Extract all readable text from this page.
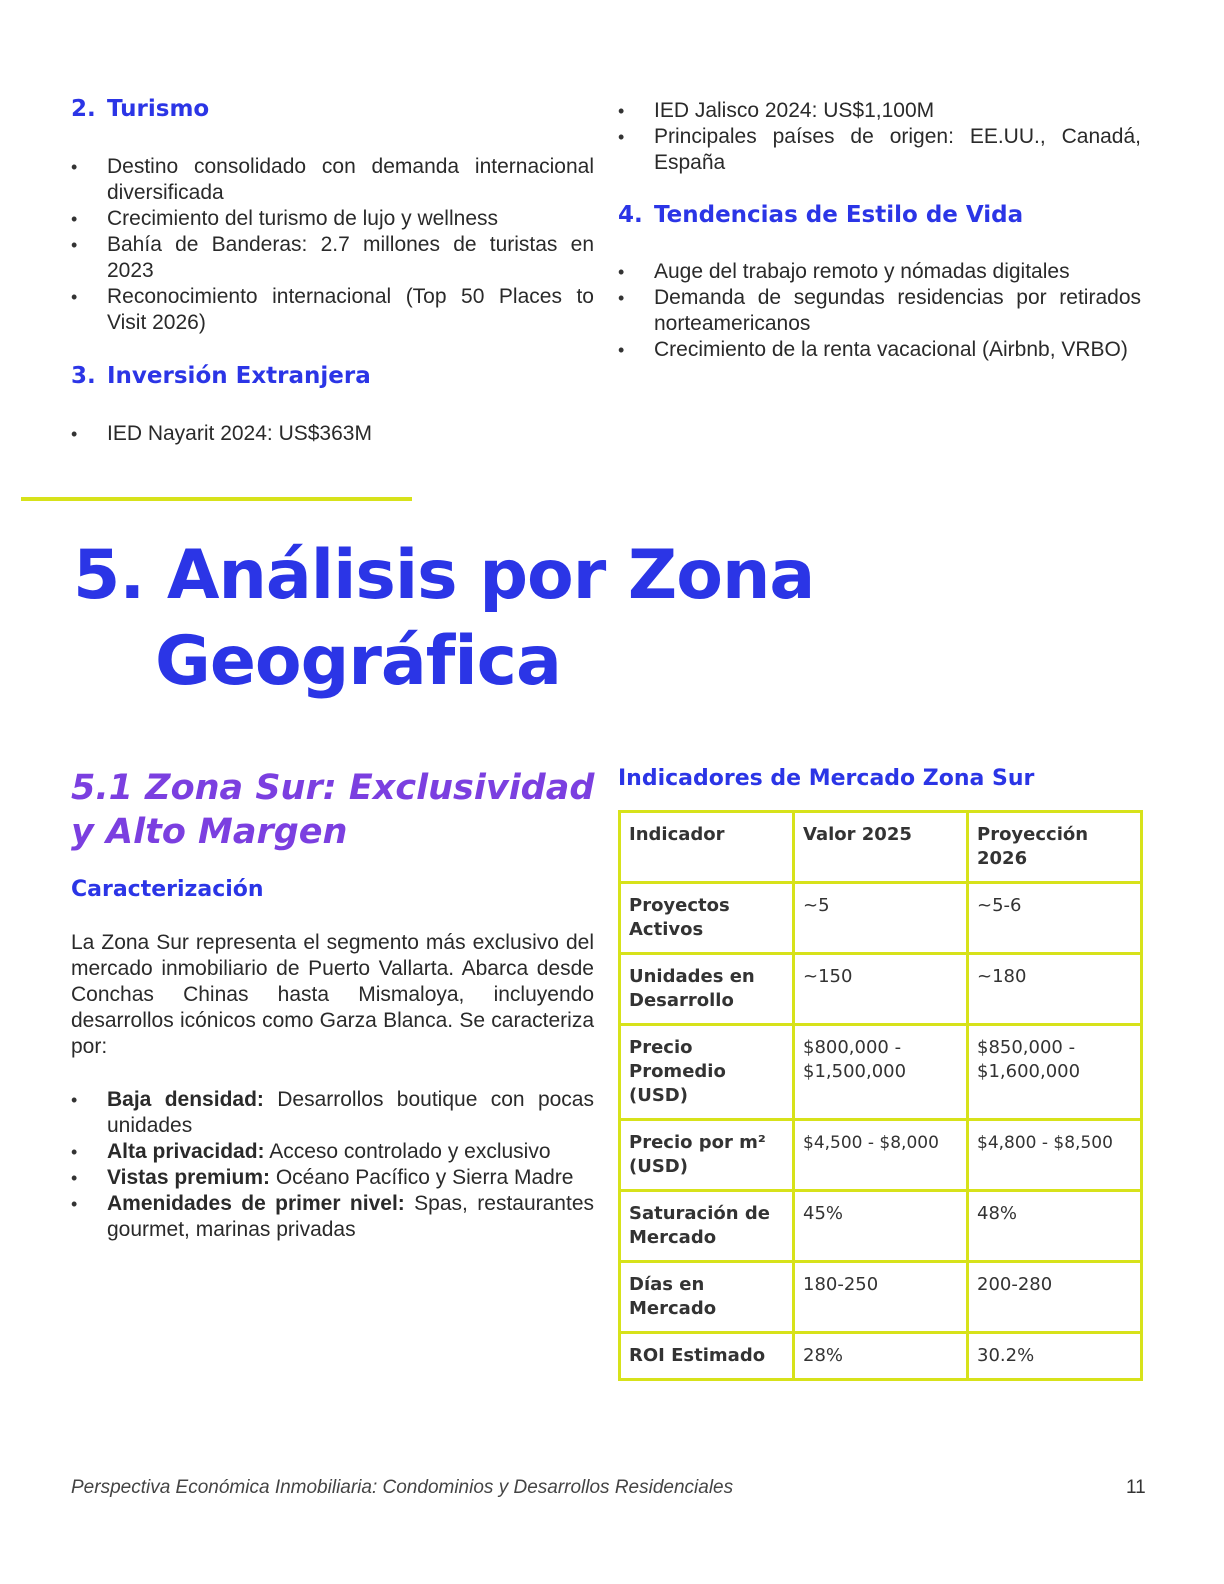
2. Turismo
• Destino consolidado con demanda internacional diversificada
• Crecimiento del turismo de lujo y wellness
• Bahía de Banderas: 2.7 millones de turistas en 2023
• Reconocimiento internacional (Top 50 Places to Visit 2026)
3. Inversión Extranjera
• IED Nayarit 2024: US$363M
• IED Jalisco 2024: US$1,100M
• Principales países de origen: EE.UU., Canadá, España
4. Tendencias de Estilo de Vida
• Auge del trabajo remoto y nómadas digitales
• Demanda de segundas residencias por retirados norteamericanos
• Crecimiento de la renta vacacional (Airbnb, VRBO)
5. Análisis por Zona
Geográfica
5.1 Zona Sur: Exclusividad
y Alto Margen
Caracterización

La Zona Sur representa el segmento más exclusivo del mercado inmobiliario de Puerto Vallarta. Abarca desde Conchas Chinas hasta Mismaloya, incluyendo desarrollos icónicos como Garza Blanca. Se caracteriza por:

• Baja densidad: Desarrollos boutique con pocas unidades
• Alta privacidad: Acceso controlado y exclusivo
• Vistas premium: Océano Pacífico y Sierra Madre
• Amenidades de primer nivel: Spas, restaurantes gourmet, marinas privadas
Indicadores de Mercado Zona Sur
Indicador	Valor 2025	Proyección 2026
Proyectos Activos	~5	~5-6
Unidades en Desarrollo	~150	~180
Precio Promedio (USD)	$800,000 - $1,500,000	$850,000 - $1,600,000
Precio por m² (USD)	$4,500 - $8,000	$4,800 - $8,500
Saturación de Mercado	45%	48%
Días en Mercado	180-250	200-280
ROI Estimado	28%	30.2%
Perspectiva Económica Inmobiliaria: Condominios y Desarrollos Residenciales	11
